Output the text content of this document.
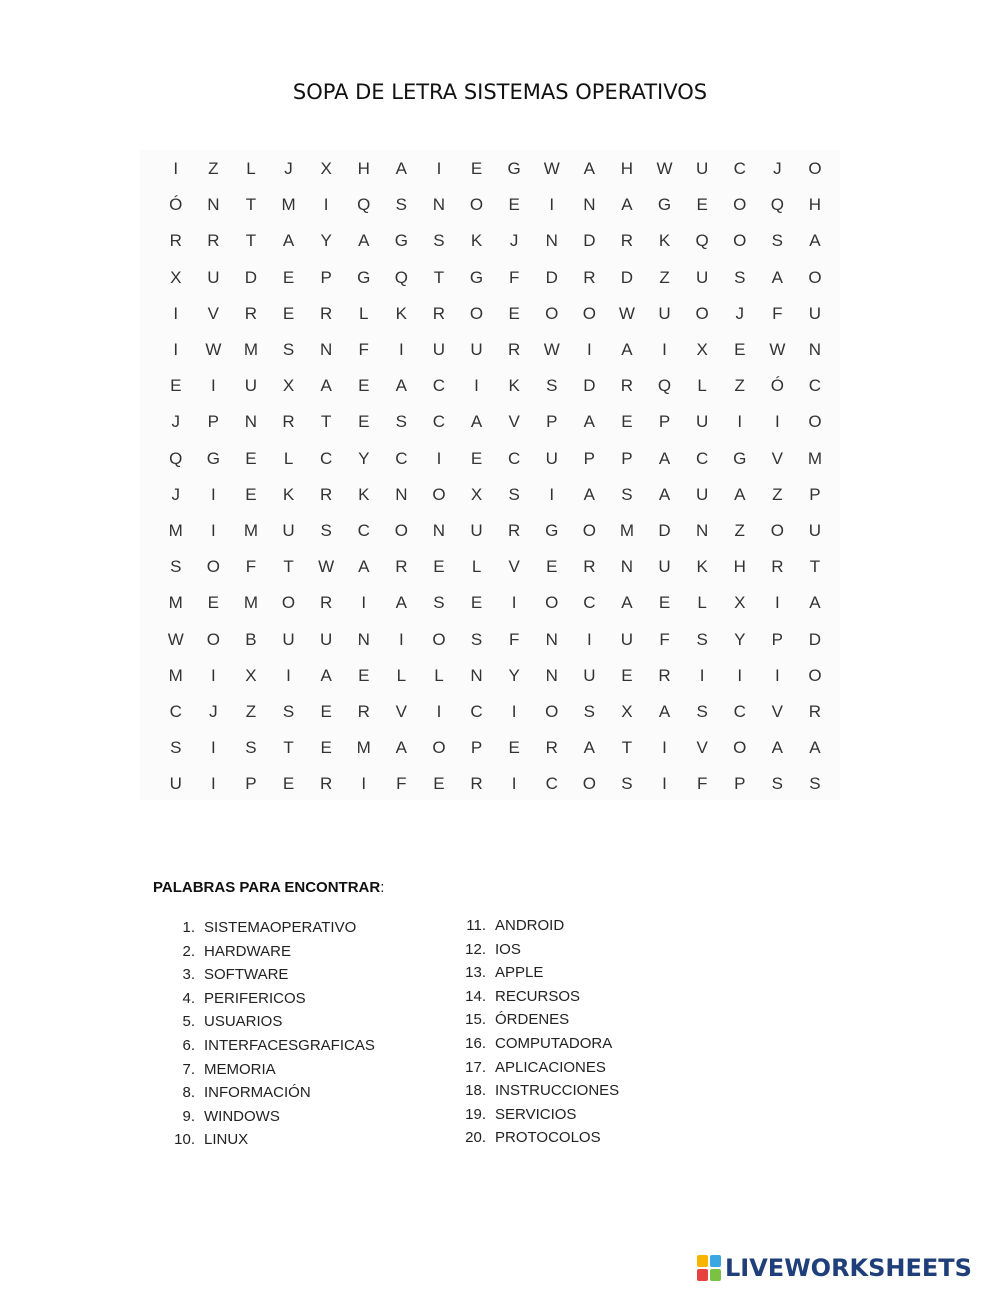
SOPA DE LETRA SISTEMAS OPERATIVOS
I	Z	L	J	X	H	A	I	E	G	W	A	H	W	U	C	J	O
Ó	N	T	M	I	Q	S	N	O	E	I	N	A	G	E	O	Q	H
R	R	T	A	Y	A	G	S	K	J	N	D	R	K	Q	O	S	A
X	U	D	E	P	G	Q	T	G	F	D	R	D	Z	U	S	A	O
I	V	R	E	R	L	K	R	O	E	O	O	W	U	O	J	F	U
I	W	M	S	N	F	I	U	U	R	W	I	A	I	X	E	W	N
E	I	U	X	A	E	A	C	I	K	S	D	R	Q	L	Z	Ó	C
J	P	N	R	T	E	S	C	A	V	P	A	E	P	U	I	I	O
Q	G	E	L	C	Y	C	I	E	C	U	P	P	A	C	G	V	M
J	I	E	K	R	K	N	O	X	S	I	A	S	A	U	A	Z	P
M	I	M	U	S	C	O	N	U	R	G	O	M	D	N	Z	O	U
S	O	F	T	W	A	R	E	L	V	E	R	N	U	K	H	R	T
M	E	M	O	R	I	A	S	E	I	O	C	A	E	L	X	I	A
W	O	B	U	U	N	I	O	S	F	N	I	U	F	S	Y	P	D
M	I	X	I	A	E	L	L	N	Y	N	U	E	R	I	I	I	O
C	J	Z	S	E	R	V	I	C	I	O	S	X	A	S	C	V	R
S	I	S	T	E	M	A	O	P	E	R	A	T	I	V	O	A	A
U	I	P	E	R	I	F	E	R	I	C	O	S	I	F	P	S	S
PALABRAS PARA ENCONTRAR:
1. SISTEMAOPERATIVO
2. HARDWARE
3. SOFTWARE
4. PERIFERICOS
5. USUARIOS
6. INTERFACESGRAFICAS
7. MEMORIA
8. INFORMACIÓN
9. WINDOWS
10. LINUX
11. ANDROID
12. IOS
13. APPLE
14. RECURSOS
15. ÓRDENES
16. COMPUTADORA
17. APLICACIONES
18. INSTRUCCIONES
19. SERVICIOS
20. PROTOCOLOS
LIVEWORKSHEETS
